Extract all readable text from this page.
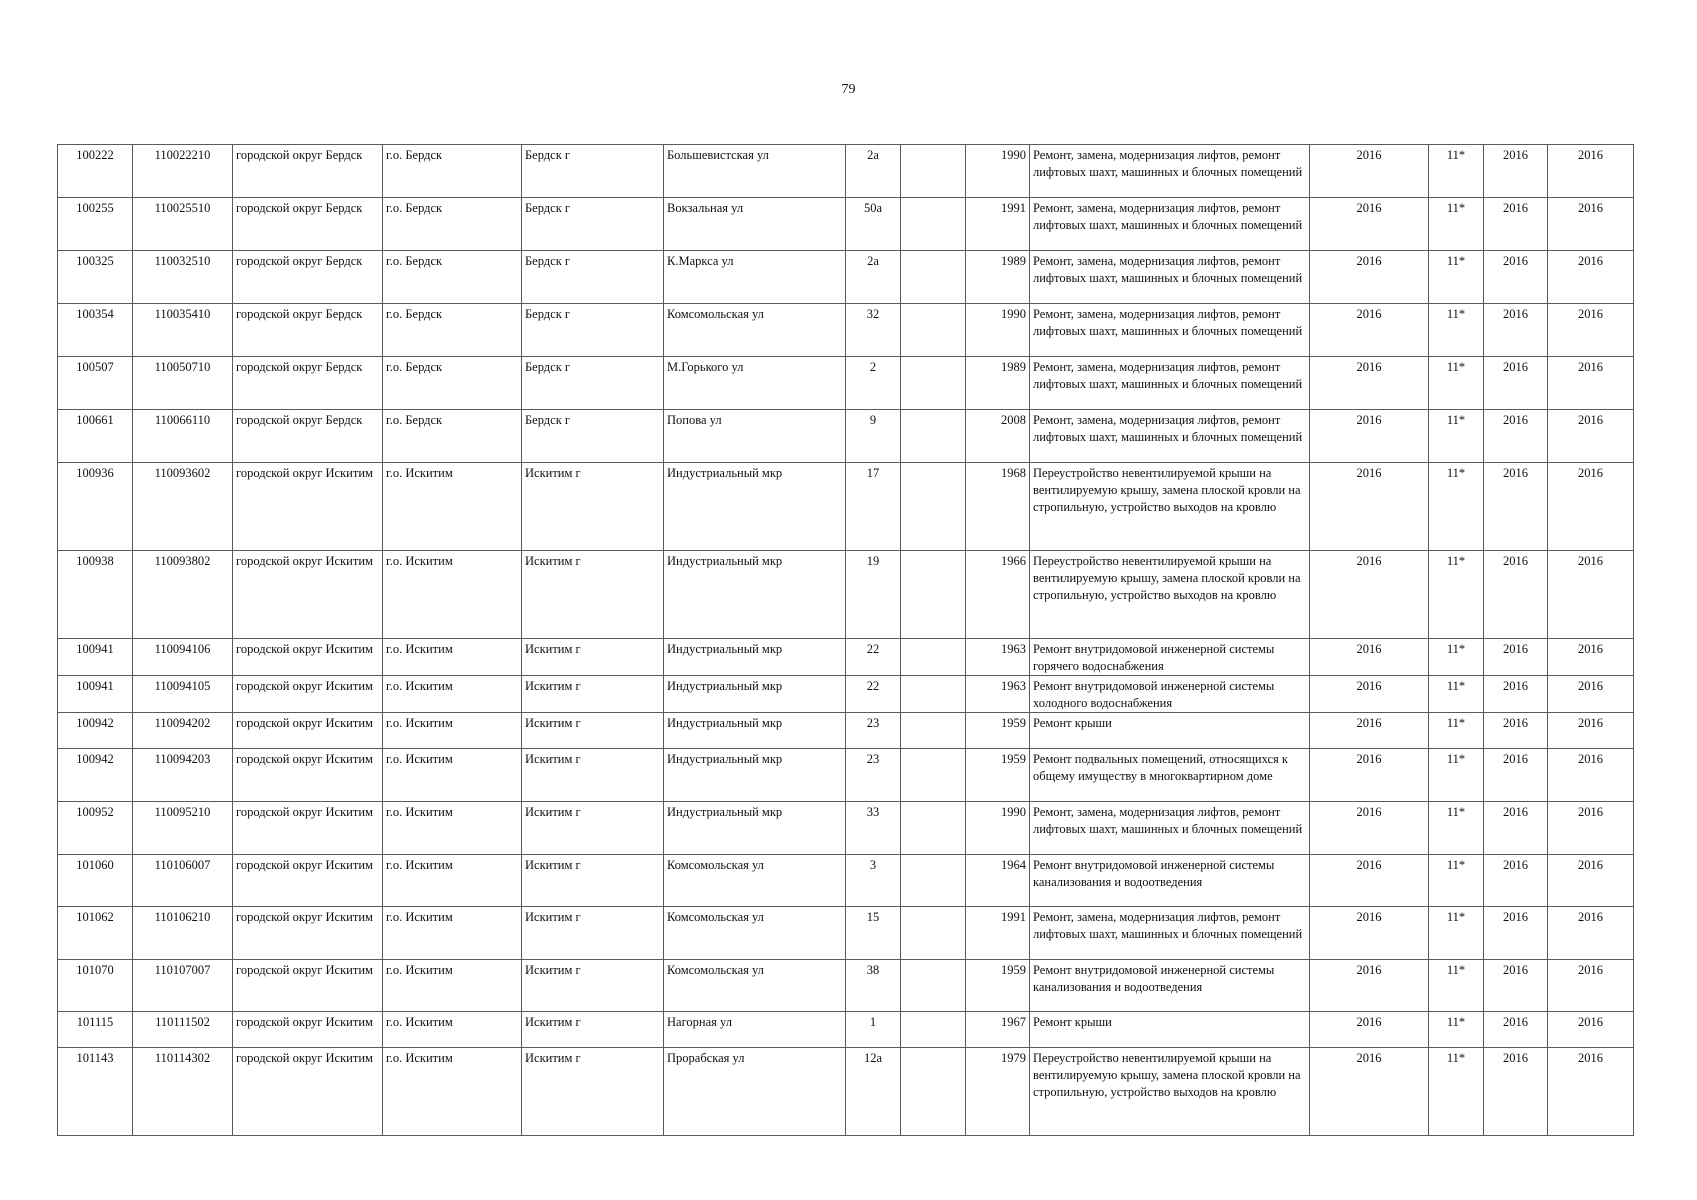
79
100222	110022210	городской округ Бердск	г.о. Бердск	Бердск г	Большевистская ул	2а		1990	Ремонт, замена, модернизация лифтов, ремонт лифтовых шахт, машинных и блочных помещений	2016	11*	2016	2016
100255	110025510	городской округ Бердск	г.о. Бердск	Бердск г	Вокзальная ул	50а		1991	Ремонт, замена, модернизация лифтов, ремонт лифтовых шахт, машинных и блочных помещений	2016	11*	2016	2016
100325	110032510	городской округ Бердск	г.о. Бердск	Бердск г	К.Маркса ул	2а		1989	Ремонт, замена, модернизация лифтов, ремонт лифтовых шахт, машинных и блочных помещений	2016	11*	2016	2016
100354	110035410	городской округ Бердск	г.о. Бердск	Бердск г	Комсомольская ул	32		1990	Ремонт, замена, модернизация лифтов, ремонт лифтовых шахт, машинных и блочных помещений	2016	11*	2016	2016
100507	110050710	городской округ Бердск	г.о. Бердск	Бердск г	М.Горького ул	2		1989	Ремонт, замена, модернизация лифтов, ремонт лифтовых шахт, машинных и блочных помещений	2016	11*	2016	2016
100661	110066110	городской округ Бердск	г.о. Бердск	Бердск г	Попова ул	9		2008	Ремонт, замена, модернизация лифтов, ремонт лифтовых шахт, машинных и блочных помещений	2016	11*	2016	2016
100936	110093602	городской округ Искитим	г.о. Искитим	Искитим г	Индустриальный мкр	17		1968	Переустройство невентилируемой крыши на вентилируемую крышу, замена плоской кровли на стропильную, устройство выходов на кровлю	2016	11*	2016	2016
100938	110093802	городской округ Искитим	г.о. Искитим	Искитим г	Индустриальный мкр	19		1966	Переустройство невентилируемой крыши на вентилируемую крышу, замена плоской кровли на стропильную, устройство выходов на кровлю	2016	11*	2016	2016
100941	110094106	городской округ Искитим	г.о. Искитим	Искитим г	Индустриальный мкр	22		1963	Ремонт внутридомовой инженерной системы горячего водоснабжения	2016	11*	2016	2016
100941	110094105	городской округ Искитим	г.о. Искитим	Искитим г	Индустриальный мкр	22		1963	Ремонт внутридомовой инженерной системы холодного водоснабжения	2016	11*	2016	2016
100942	110094202	городской округ Искитим	г.о. Искитим	Искитим г	Индустриальный мкр	23		1959	Ремонт крыши	2016	11*	2016	2016
100942	110094203	городской округ Искитим	г.о. Искитим	Искитим г	Индустриальный мкр	23		1959	Ремонт подвальных помещений, относящихся к общему имуществу в многоквартирном доме	2016	11*	2016	2016
100952	110095210	городской округ Искитим	г.о. Искитим	Искитим г	Индустриальный мкр	33		1990	Ремонт, замена, модернизация лифтов, ремонт лифтовых шахт, машинных и блочных помещений	2016	11*	2016	2016
101060	110106007	городской округ Искитим	г.о. Искитим	Искитим г	Комсомольская ул	3		1964	Ремонт внутридомовой инженерной системы канализования и водоотведения	2016	11*	2016	2016
101062	110106210	городской округ Искитим	г.о. Искитим	Искитим г	Комсомольская ул	15		1991	Ремонт, замена, модернизация лифтов, ремонт лифтовых шахт, машинных и блочных помещений	2016	11*	2016	2016
101070	110107007	городской округ Искитим	г.о. Искитим	Искитим г	Комсомольская ул	38		1959	Ремонт внутридомовой инженерной системы канализования и водоотведения	2016	11*	2016	2016
101115	110111502	городской округ Искитим	г.о. Искитим	Искитим г	Нагорная ул	1		1967	Ремонт крыши	2016	11*	2016	2016
101143	110114302	городской округ Искитим	г.о. Искитим	Искитим г	Прорабская ул	12а		1979	Переустройство невентилируемой крыши на вентилируемую крышу, замена плоской кровли на стропильную, устройство выходов на кровлю	2016	11*	2016	2016
